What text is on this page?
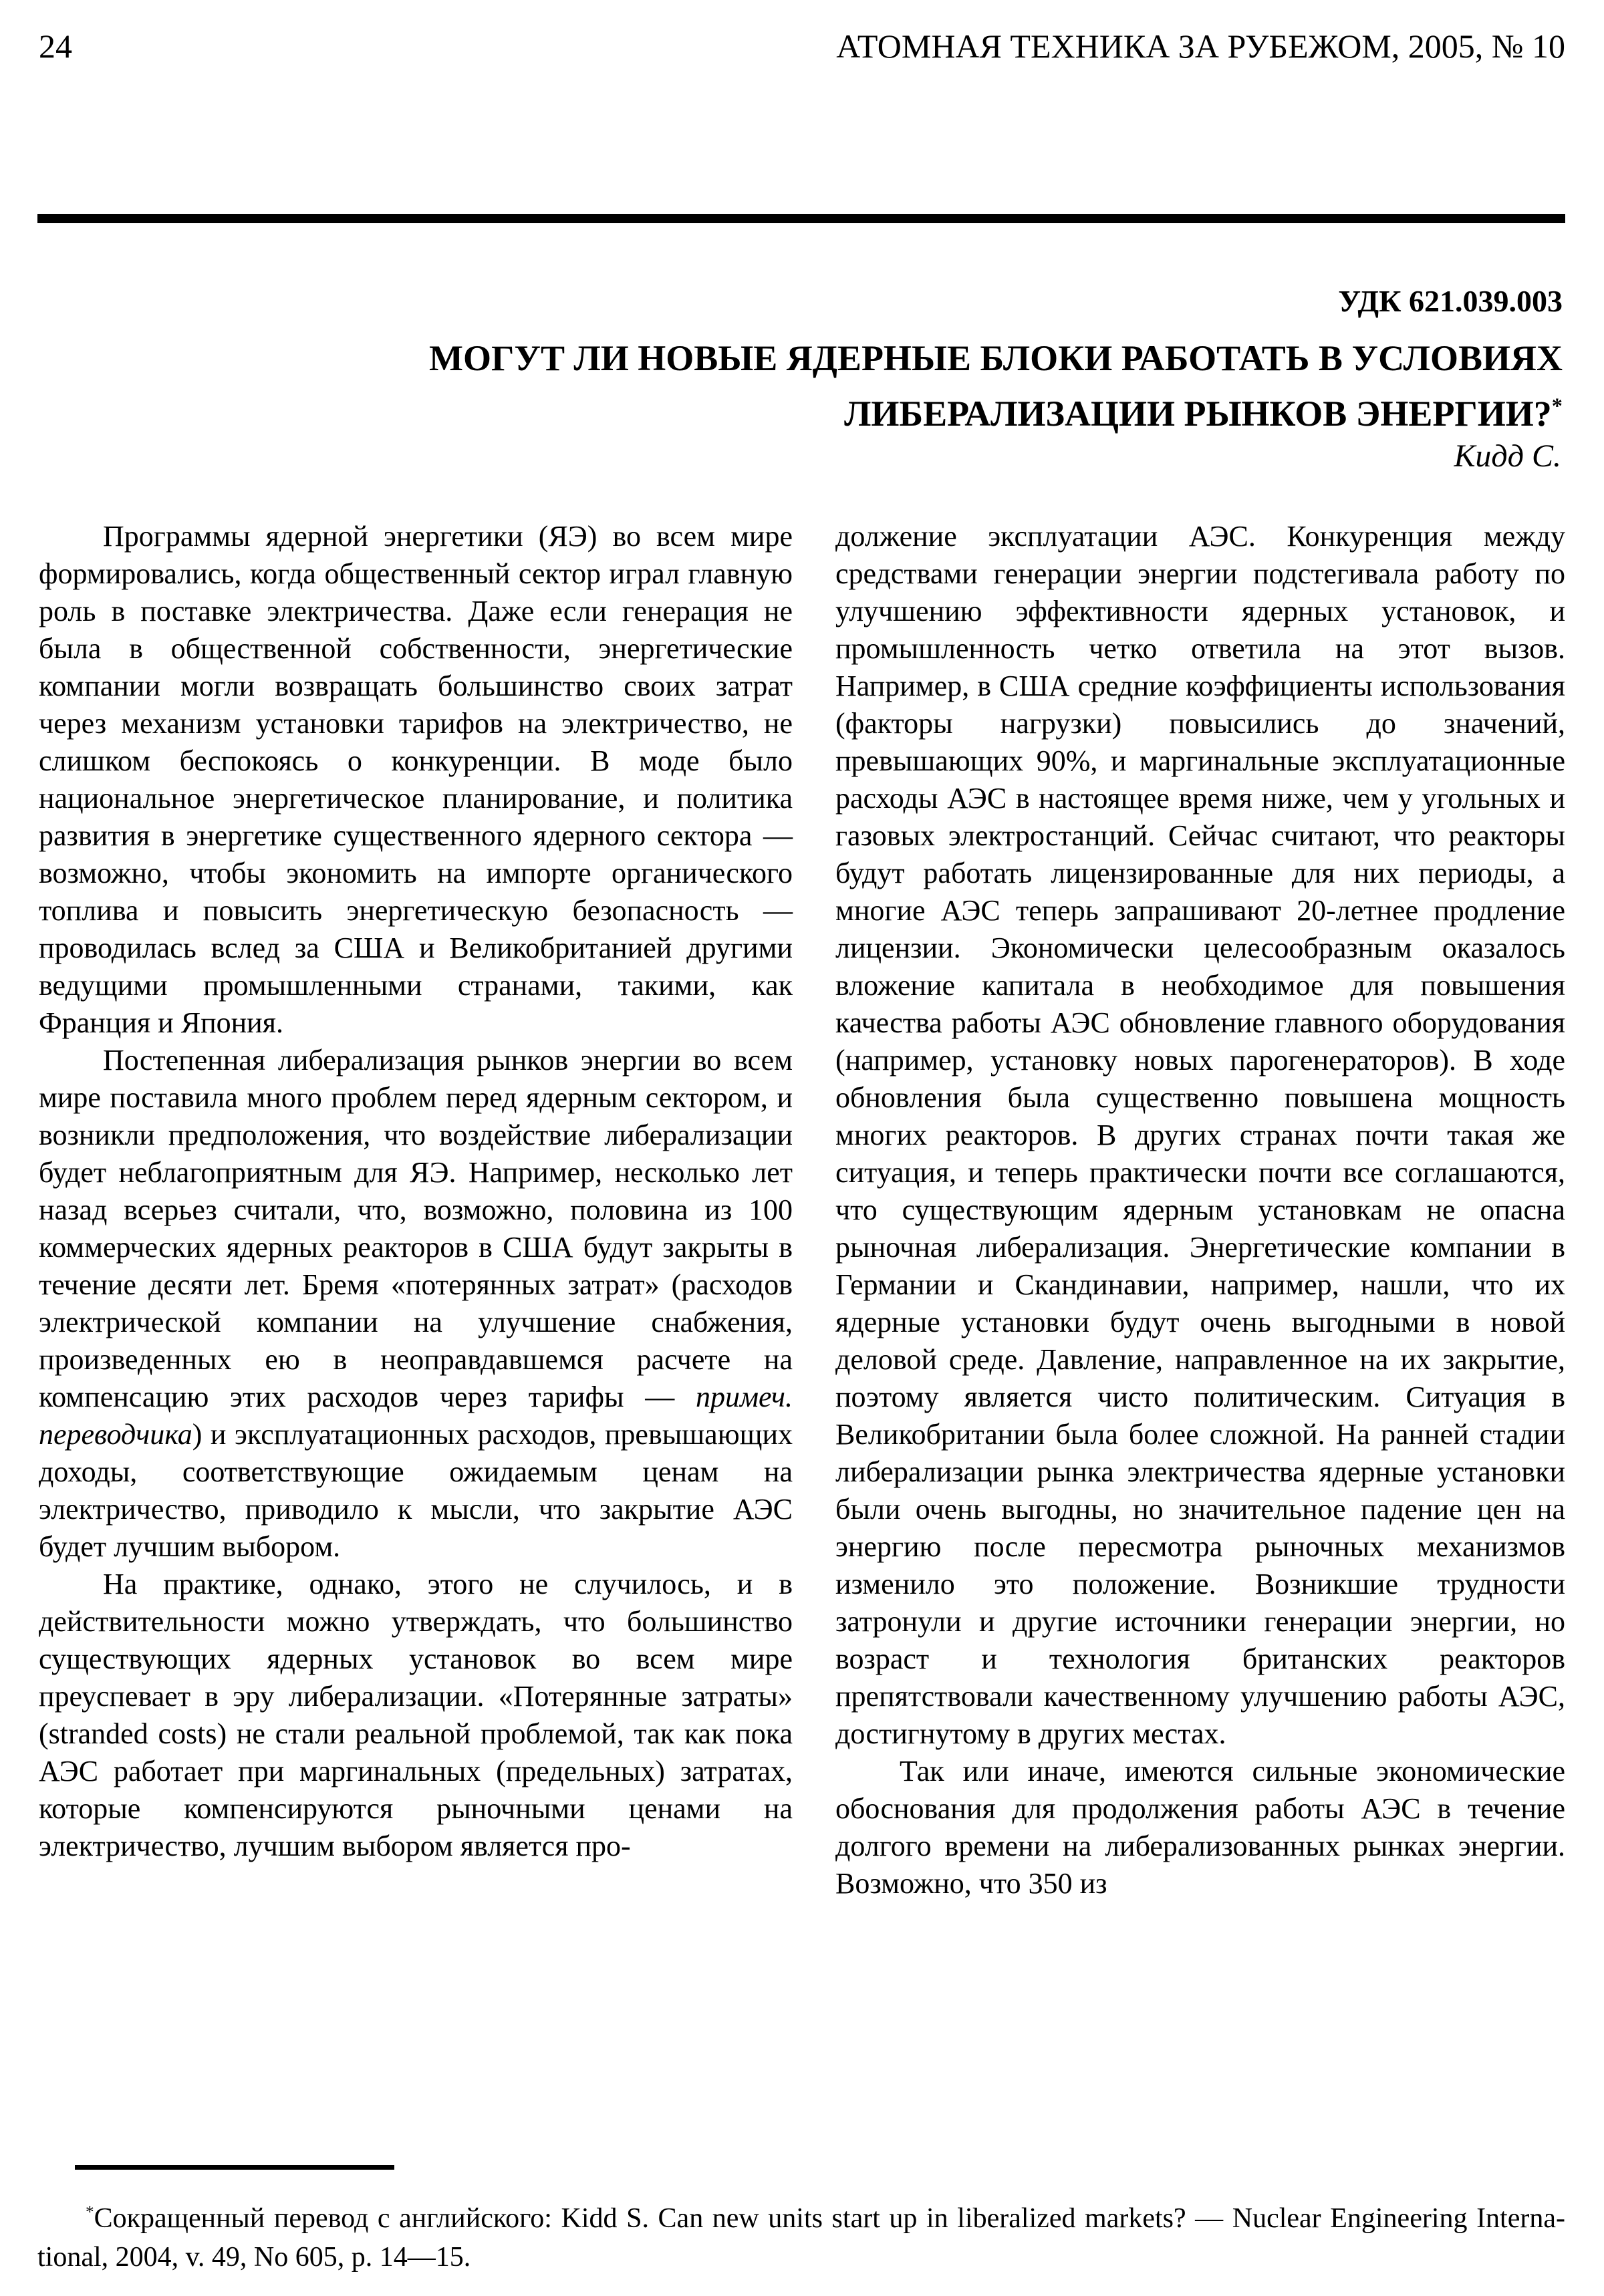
24	АТОМНАЯ ТЕХНИКА ЗА РУБЕЖОМ, 2005, № 10
УДК 621.039.003
МОГУТ ЛИ НОВЫЕ ЯДЕРНЫЕ БЛОКИ РАБОТАТЬ В УСЛОВИЯХ
ЛИБЕРАЛИЗАЦИИ РЫНКОВ ЭНЕРГИИ?*
Кидд С.

Программы ядерной энергетики (ЯЭ) во всем мире формировались, когда общественный сектор играл главную роль в поставке электричества. Даже если генерация не была в общественной собственности, энергетические компании могли возвращать большинство своих затрат через механизм установки тарифов на электричество, не слишком беспокоясь о конкуренции. В моде было национальное энергетическое планирование, и политика развития в энергетике существенного ядерного сектора — возможно, чтобы экономить на импорте органического топлива и повысить энергетическую безопасность — проводилась вслед за США и Великобританией другими ведущими промышленными странами, такими, как Франция и Япония.

Постепенная либерализация рынков энергии во всем мире поставила много проблем перед ядерным сектором, и возникли предположения, что воздействие либерализации будет неблагоприятным для ЯЭ. Например, несколько лет назад всерьез считали, что, возможно, половина из 100 коммерческих ядерных реакторов в США будут закрыты в течение десяти лет. Бремя «потерянных затрат» (расходов электрической компании на улучшение снабжения, произведенных ею в неоправдавшемся расчете на компенсацию этих расходов через тарифы — примеч. переводчика) и эксплуатационных расходов, превышающих доходы, соответствующие ожидаемым ценам на электричество, приводило к мысли, что закрытие АЭС будет лучшим выбором.

На практике, однако, этого не случилось, и в действительности можно утверждать, что большинство существующих ядерных установок во всем мире преуспевает в эру либерализации. «Потерянные затраты» (stranded costs) не стали реальной проблемой, так как пока АЭС работает при маргинальных (предельных) затратах, которые компенсируются рыночными ценами на электричество, лучшим выбором является про-

должение эксплуатации АЭС. Конкуренция между средствами генерации энергии подстегивала работу по улучшению эффективности ядерных установок, и промышленность четко ответила на этот вызов. Например, в США средние коэффициенты использования (факторы нагрузки) повысились до значений, превышающих 90%, и маргинальные эксплуатационные расходы АЭС в настоящее время ниже, чем у угольных и газовых электростанций. Сейчас считают, что реакторы будут работать лицензированные для них периоды, а многие АЭС теперь запрашивают 20-летнее продление лицензии. Экономически целесообразным оказалось вложение капитала в необходимое для повышения качества работы АЭС обновление главного оборудования (например, установку новых парогенераторов). В ходе обновления была существенно повышена мощность многих реакторов. В других странах почти такая же ситуация, и теперь практически почти все соглашаются, что существующим ядерным установкам не опасна рыночная либерализация. Энергетические компании в Германии и Скандинавии, например, нашли, что их ядерные установки будут очень выгодными в новой деловой среде. Давление, направленное на их закрытие, поэтому является чисто политическим. Ситуация в Великобритании была более сложной. На ранней стадии либерализации рынка электричества ядерные установки были очень выгодны, но значительное падение цен на энергию после пересмотра рыночных механизмов изменило это положение. Возникшие трудности затронули и другие источники генерации энергии, но возраст и технология британских реакторов препятствовали качественному улучшению работы АЭС, достигнутому в других местах.

Так или иначе, имеются сильные экономические обоснования для продолжения работы АЭС в течение долгого времени на либерализованных рынках энергии. Возможно, что 350 из

*Сокращенный перевод с английского: Kidd S. Can new units start up in liberalized markets? — Nuclear Engineering International, 2004, v. 49, No 605, p. 14—15.
